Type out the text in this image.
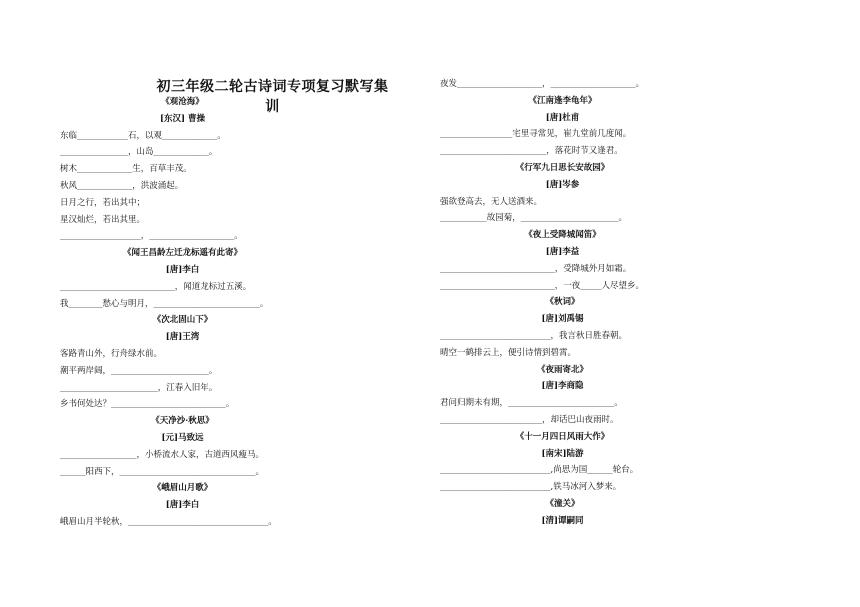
初三年级二轮古诗词专项复习默写集训
《观沧海》
[东汉] 曹操
东临____________石，以观_____________。
________________，山岛_____________。
树木_____________生，百草丰茂。
秋风_____________，洪波涌起。
日月之行，若出其中；
星汉灿烂，若出其里。
___________________，____________________。
《闻王昌龄左迁龙标遥有此寄》
[唐]李白
___________________________，闻道龙标过五溪。
我________愁心与明月，_________________________。
《次北固山下》
[唐]王湾
客路青山外，行舟绿水前。
潮平两岸阔，_______________________。
_______________________，江春入旧年。
乡书何处达？___________________________。
《天净沙·秋思》
[元]马致远
__________________，小桥流水人家，古道西风瘦马。
______阳西下，________________________________。
《峨眉山月歌》
[唐]李白
峨眉山月半轮秋，_________________________________。
夜发____________________，____________________。
《江南逢李龟年》
[唐]杜甫
_________________宅里寻常见，崔九堂前几度闻。
_________________________，落花时节又逢君。
《行军九日思长安故园》
[唐]岑参
强欲登高去，无人送酒来。
___________故园菊，_______________________。
《夜上受降城闻笛》
[唐]李益
___________________________，受降城外月如霜。
___________________________，一夜_____人尽望乡。
《秋词》
[唐]刘禹锡
__________________________，我言秋日胜春朝。
晴空一鹤排云上，便引诗情到碧霄。
《夜雨寄北》
[唐]李商隐
君问归期未有期，_________________________。
________________________，却话巴山夜雨时。
《十一月四日风雨大作》
[南宋]陆游
__________________________,尚思为国______轮台。
__________________________,铁马冰河入梦来。
《潼关》
[清]谭嗣同
